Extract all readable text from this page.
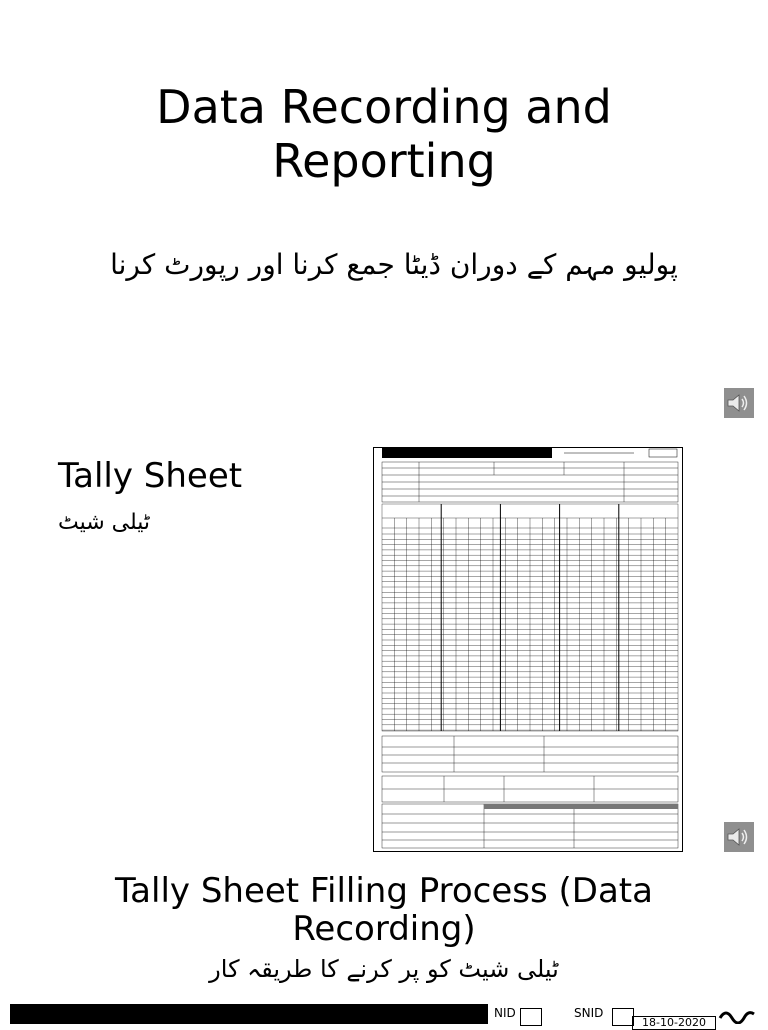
Data Recording and
Reporting
پولیو مہم کے دوران ڈیٹا جمع کرنا اور رپورٹ کرنا
Tally Sheet
ٹیلی شیٹ
Tally Sheet Filling Process (Data
Recording)
ٹیلی شیٹ کو پر کرنے کا طریقہ کار
NID	SNID
18-10-2020
